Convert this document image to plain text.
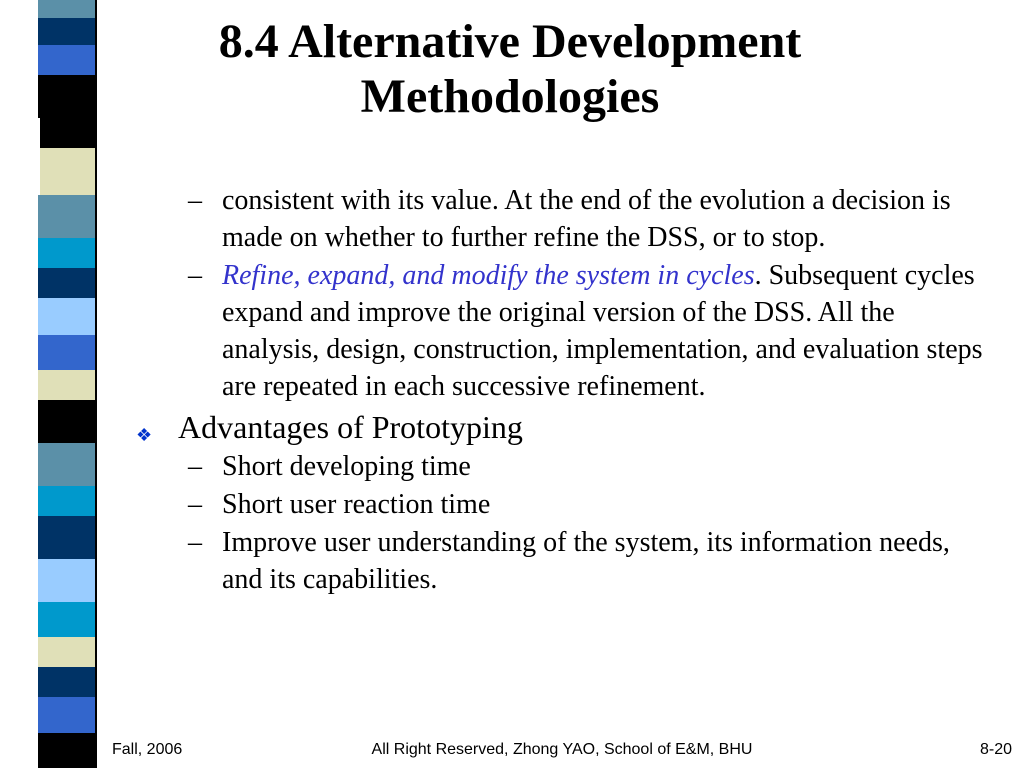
8.4 Alternative Development Methodologies

– consistent with its value. At the end of the evolution a decision is made on whether to further refine the DSS, or to stop.

– Refine, expand, and modify the system in cycles. Subsequent cycles expand and improve the original version of the DSS. All the analysis, design, construction, implementation, and evaluation steps are repeated in each successive refinement.

❖ Advantages of Prototyping

– Short developing time

– Short user reaction time

– Improve user understanding of the system, its information needs, and its capabilities.

Fall, 2006	All Right Reserved, Zhong YAO, School of E&M, BHU	8-20
